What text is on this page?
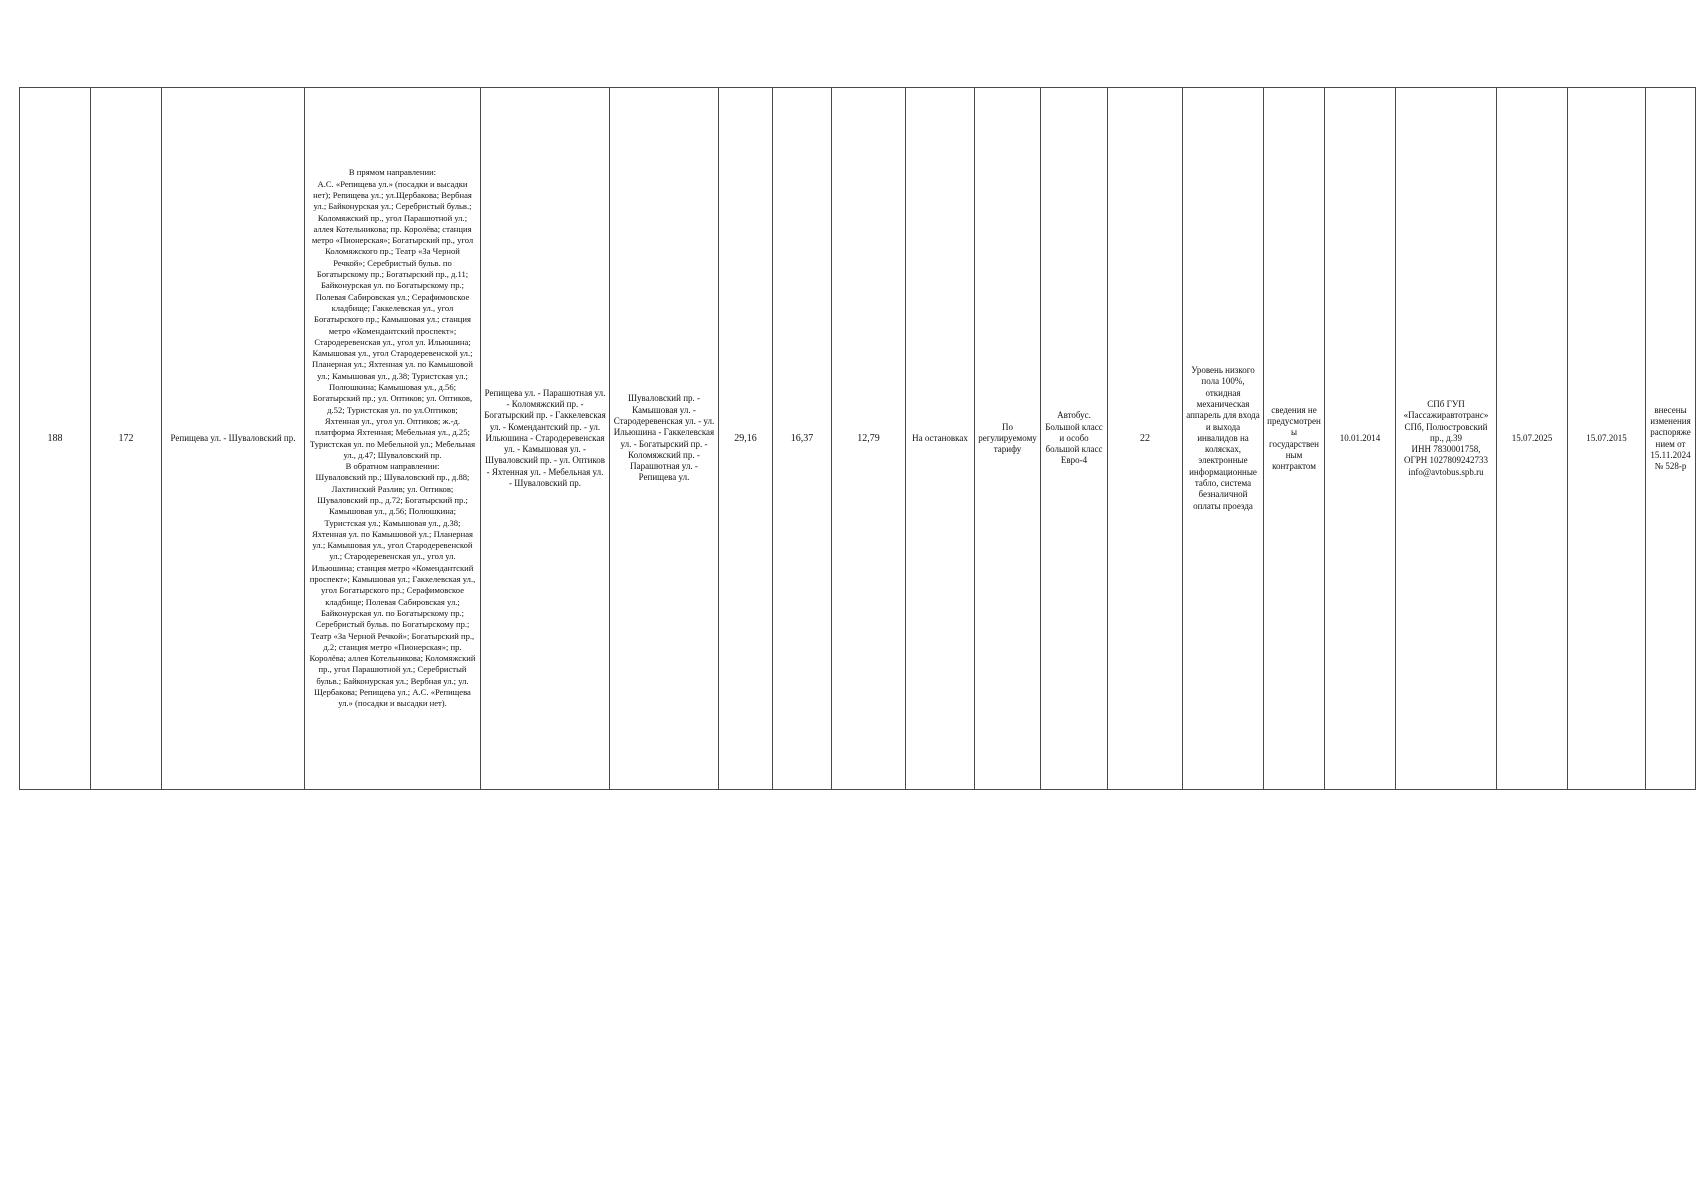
188	172	Репищева ул. - Шуваловский пр.	В прямом направлении:
А.С. «Репищева ул.» (посадки и высадки нет); Репищева ул.; ул.Щербакова; Вербная ул.; Байконурская ул.; Серебристый бульв.; Коломяжский пр., угол Парашютной ул.; аллея Котельникова; пр. Королёва; станция метро «Пионерская»; Богатырский пр., угол Коломяжского пр.; Театр «За Черной Речкой»; Серебристый бульв. по Богатырскому пр.; Богатырский пр., д.11; Байконурская ул. по Богатырскому пр.; Полевая Сабировская ул.; Серафимовское кладбище; Гаккелевская ул., угол Богатырского пр.; Камышовая ул.; станция метро «Комендантский проспект»; Стародеревенская ул., угол ул. Ильюшина; Камышовая ул., угол Стародеревенской ул.; Планерная ул.; Яхтенная ул. по Камышовой ул.; Камышовая ул., д.38; Туристская ул.; Полюшкина; Камышовая ул., д.56; Богатырский пр.; ул. Оптиков; ул. Оптиков, д.52; Туристская ул. по ул.Оптиков; Яхтенная ул., угол ул. Оптиков; ж.-д. платформа Яхтенная; Мебельная ул., д.25; Туристская ул. по Мебельной ул.; Мебельная ул., д.47; Шуваловский пр.
В обратном направлении:
Шуваловский пр.; Шуваловский пр., д.88; Лахтинский Разлив; ул. Оптиков; Шуваловский пр., д.72; Богатырский пр.; Камышовая ул., д.56; Полюшкина; Туристская ул.; Камышовая ул., д.38; Яхтенная ул. по Камышовой ул.; Планерная ул.; Камышовая ул., угол Стародеревенской ул.; Стародеревенская ул., угол ул. Ильюшина; станция метро «Комендантский проспект»; Камышовая ул.; Гаккелевская ул., угол Богатырского пр.; Серафимовское кладбище; Полевая Сабировская ул.; Байконурская ул. по Богатырскому пр.; Серебристый бульв. по Богатырскому пр.; Театр «За Черной Речкой»; Богатырский пр., д.2; станция метро «Пионерская»; пр. Королёва; аллея Котельникова; Коломяжский пр., угол Парашютной ул.; Серебристый бульв.; Байконурская ул.; Вербная ул.; ул. Щербакова; Репищева ул.; А.С. «Репищева ул.» (посадки и высадки нет).	Репищева ул. - Парашютная ул. - Коломяжский пр. - Богатырский пр. - Гаккелевская ул. - Комендантский пр. - ул. Ильюшина - Стародеревенская ул. - Камышовая ул. - Шуваловский пр. - ул. Оптиков - Яхтенная ул. - Мебельная ул. - Шуваловский пр.	Шуваловский пр. - Камышовая ул. - Стародеревенская ул. - ул. Ильюшина - Гаккелевская ул. - Богатырский пр. - Коломяжский пр. - Парашютная ул. - Репищева ул.	29,16	16,37	12,79	На остановках	По регулируемому тарифу	Автобус. Большой класс и особо большой класс Евро-4	22	Уровень низкого пола 100%, откидная механическая аппарель для входа и выхода инвалидов на колясках, электронные информационные табло, система безналичной оплаты проезда	сведения не предусмотрены государственным контрактом	10.01.2014	СПб ГУП «Пассажиравтотранс»
СПб, Полюстровский пр., д.39
ИНН 7830001758, ОГРН 1027809242733
info@avtobus.spb.ru	15.07.2025	15.07.2015	внесены изменения распоряжением от 15.11.2024 № 528-р
